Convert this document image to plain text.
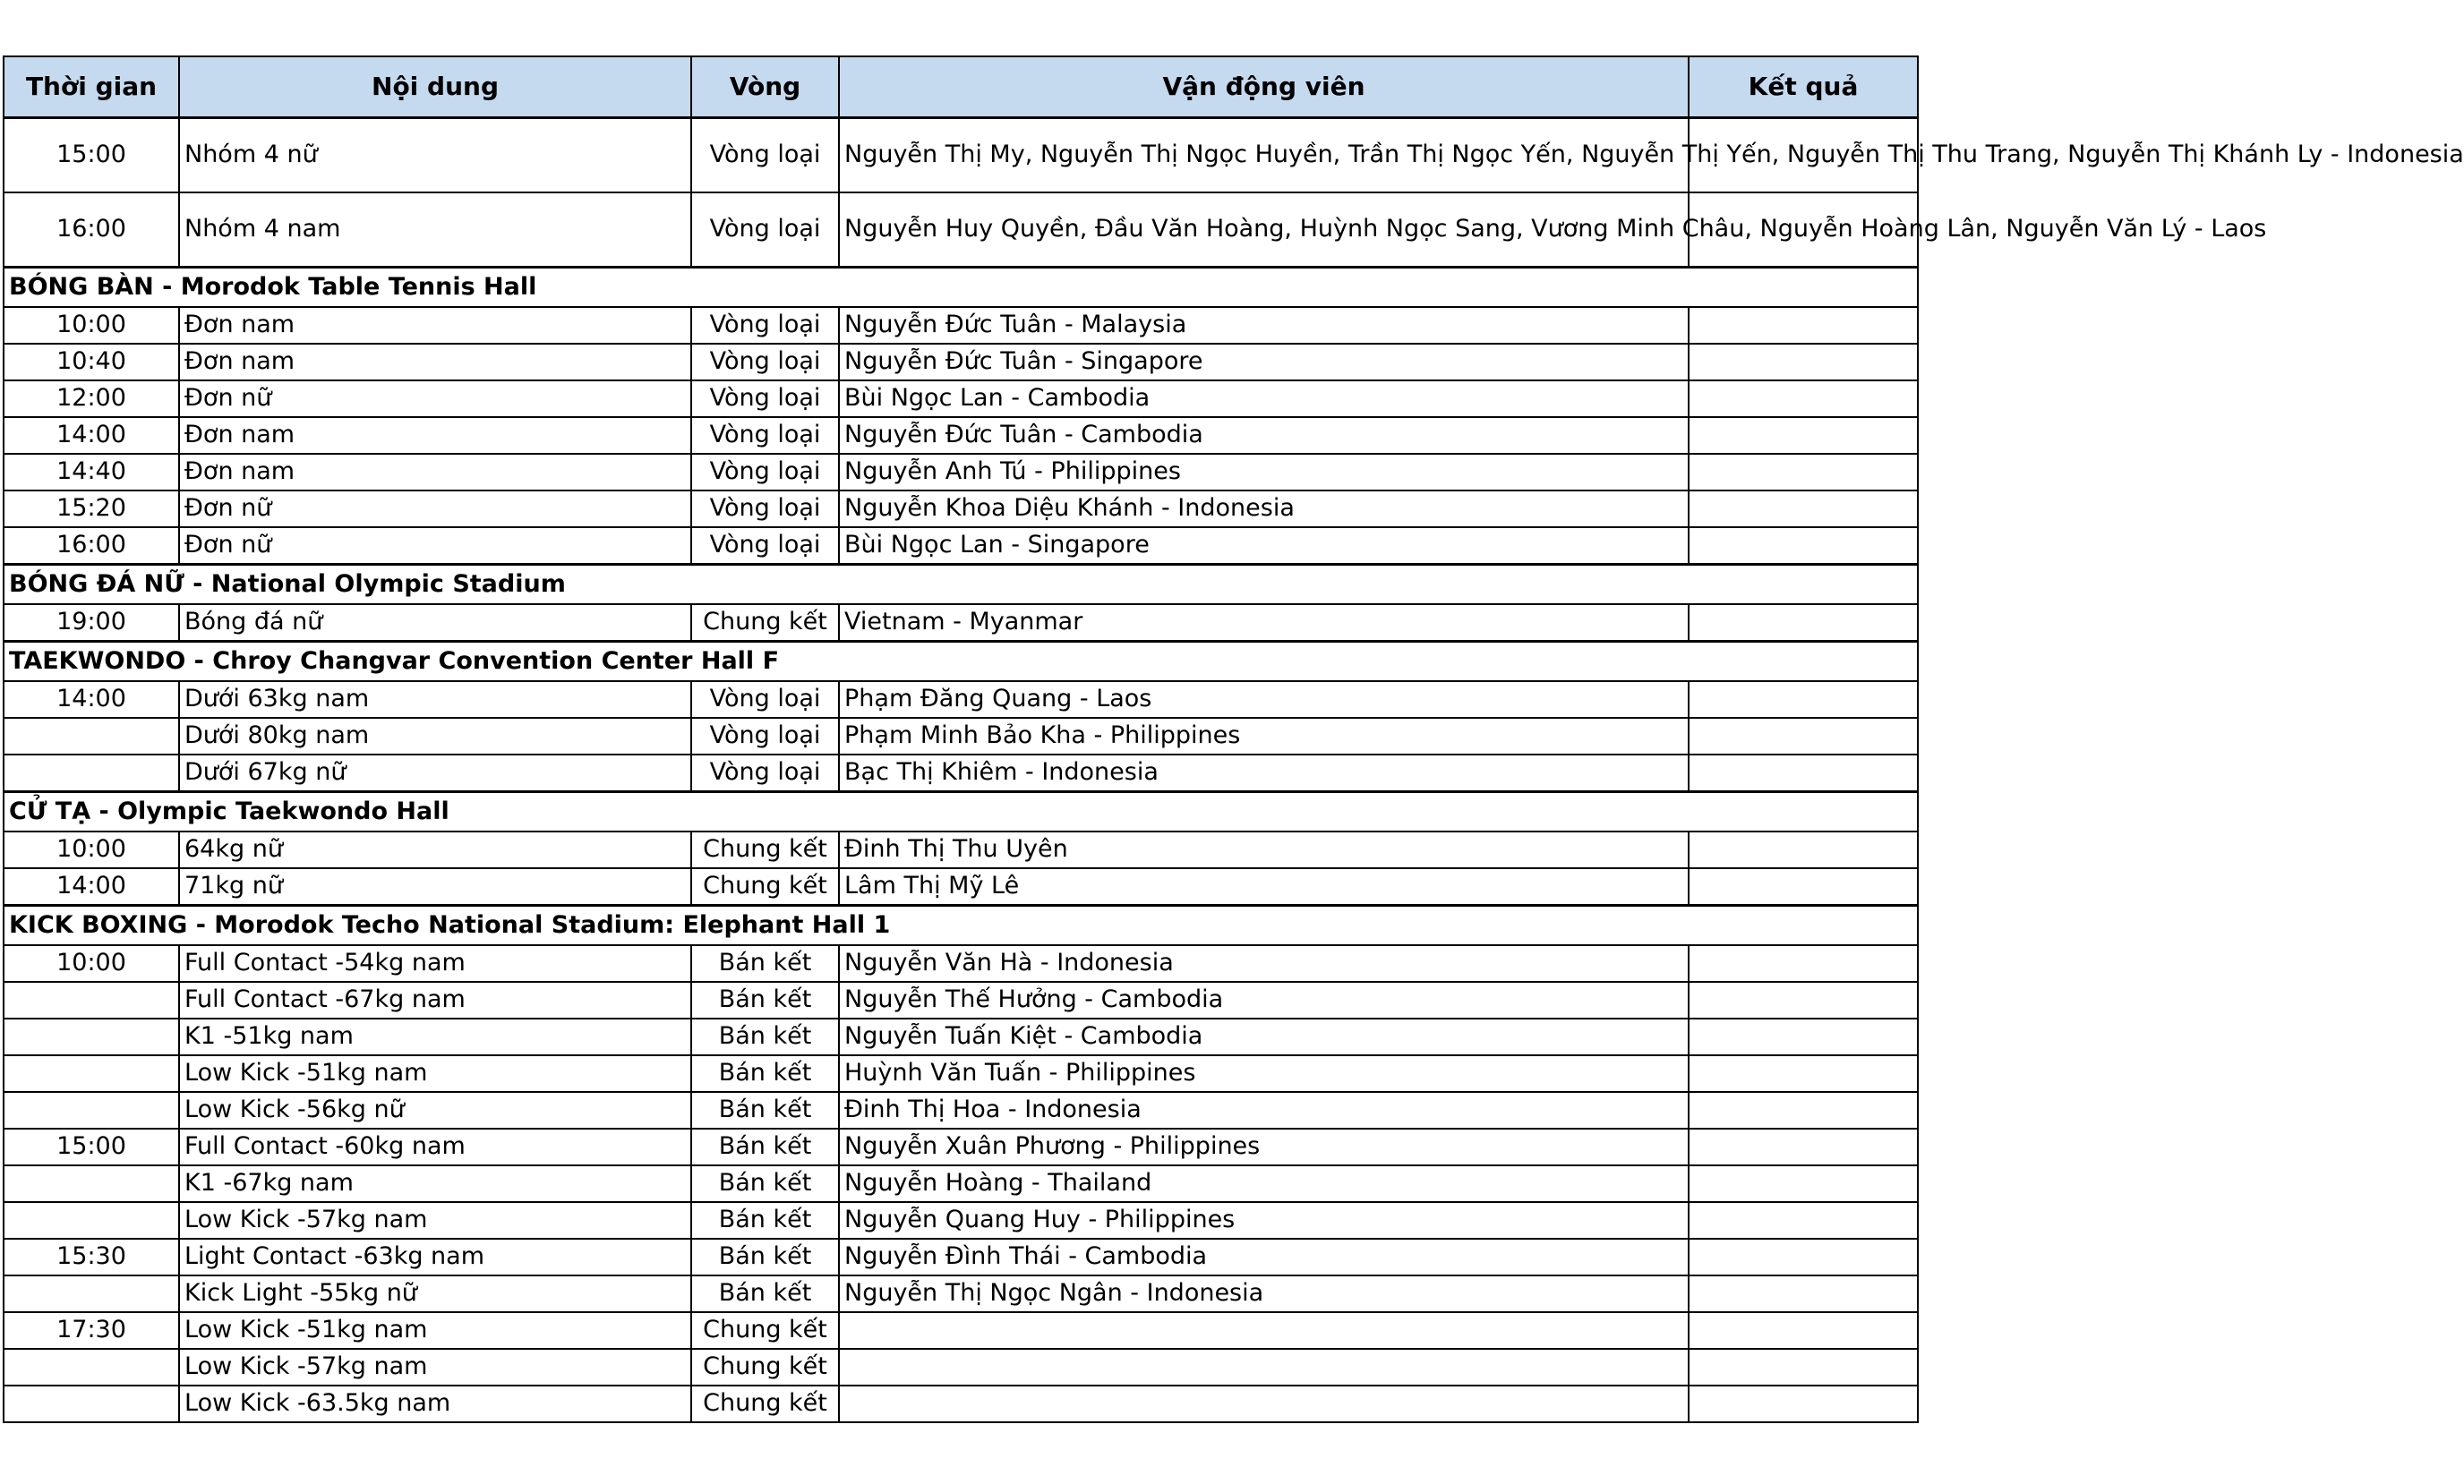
Thời gian	Nội dung	Vòng	Vận động viên	Kết quả
15:00	Nhóm 4 nữ	Vòng loại	Nguyễn Thị My, Nguyễn Thị Ngọc Huyền, Trần Thị Ngọc Yến, Nguyễn Thị Yến, Nguyễn Thị Thu Trang, Nguyễn Thị Khánh Ly - Indonesia	
16:00	Nhóm 4 nam	Vòng loại	Nguyễn Huy Quyền, Đầu Văn Hoàng, Huỳnh Ngọc Sang, Vương Minh Châu, Nguyễn Hoàng Lân, Nguyễn Văn Lý - Laos	
BÓNG BÀN - Morodok Table Tennis Hall				
10:00	Đơn nam	Vòng loại	Nguyễn Đức Tuân - Malaysia	
10:40	Đơn nam	Vòng loại	Nguyễn Đức Tuân - Singapore	
12:00	Đơn nữ	Vòng loại	Bùi Ngọc Lan - Cambodia	
14:00	Đơn nam	Vòng loại	Nguyễn Đức Tuân - Cambodia	
14:40	Đơn nam	Vòng loại	Nguyễn Anh Tú - Philippines	
15:20	Đơn nữ	Vòng loại	Nguyễn Khoa Diệu Khánh - Indonesia	
16:00	Đơn nữ	Vòng loại	Bùi Ngọc Lan - Singapore	
BÓNG ĐÁ NỮ - National Olympic Stadium				
19:00	Bóng đá nữ	Chung kết	Vietnam - Myanmar	
TAEKWONDO - Chroy Changvar Convention Center Hall F				
14:00	Dưới 63kg nam	Vòng loại	Phạm Đăng Quang - Laos	
	Dưới 80kg nam	Vòng loại	Phạm Minh Bảo Kha - Philippines	
	Dưới 67kg nữ	Vòng loại	Bạc Thị Khiêm - Indonesia	
CỬ TẠ - Olympic Taekwondo Hall				
10:00	64kg nữ	Chung kết	Đinh Thị Thu Uyên	
14:00	71kg nữ	Chung kết	Lâm Thị Mỹ Lê	
KICK BOXING - Morodok Techo National Stadium: Elephant Hall 1				
10:00	Full Contact -54kg nam	Bán kết	Nguyễn Văn Hà - Indonesia	
	Full Contact -67kg nam	Bán kết	Nguyễn Thế Hưởng - Cambodia	
	K1 -51kg nam	Bán kết	Nguyễn Tuấn Kiệt - Cambodia	
	Low Kick -51kg nam	Bán kết	Huỳnh Văn Tuấn - Philippines	
	Low Kick -56kg nữ	Bán kết	Đinh Thị Hoa - Indonesia	
15:00	Full Contact -60kg nam	Bán kết	Nguyễn Xuân Phương - Philippines	
	K1 -67kg nam	Bán kết	Nguyễn Hoàng - Thailand	
	Low Kick -57kg nam	Bán kết	Nguyễn Quang Huy - Philippines	
15:30	Light Contact -63kg nam	Bán kết	Nguyễn Đình Thái - Cambodia	
	Kick Light -55kg nữ	Bán kết	Nguyễn Thị Ngọc Ngân - Indonesia	
17:30	Low Kick -51kg nam	Chung kết		
	Low Kick -57kg nam	Chung kết		
	Low Kick -63.5kg nam	Chung kết		
